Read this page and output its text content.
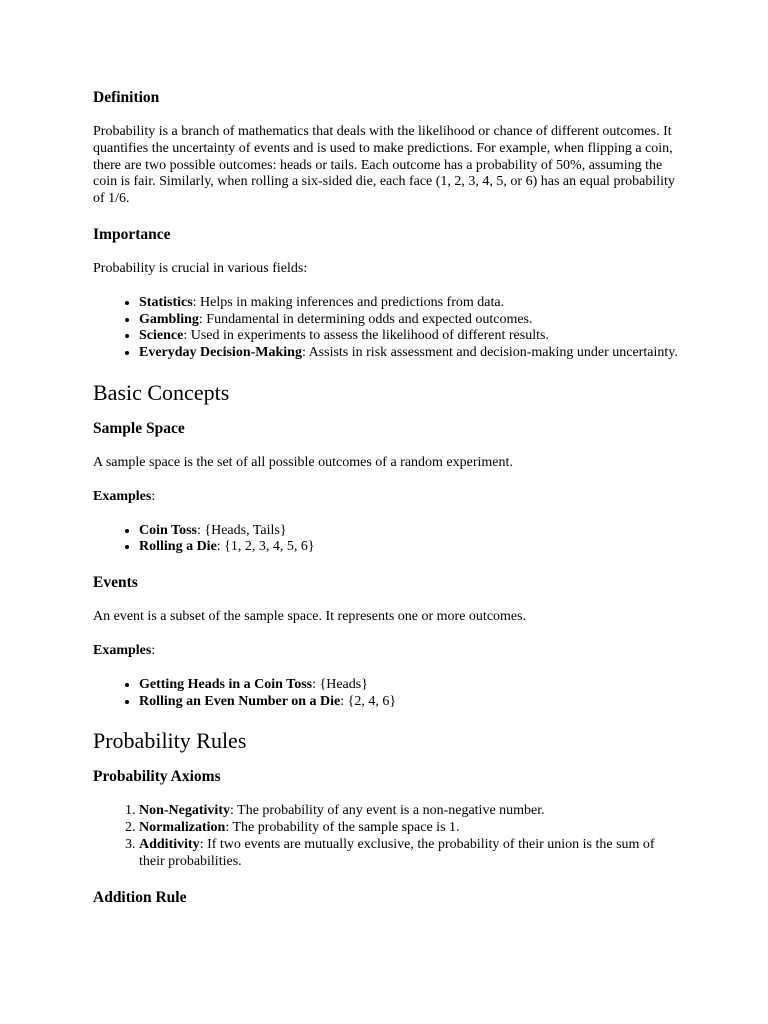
Definition

Probability is a branch of mathematics that deals with the likelihood or chance of different outcomes. It quantifies the uncertainty of events and is used to make predictions. For example, when flipping a coin, there are two possible outcomes: heads or tails. Each outcome has a probability of 50%, assuming the coin is fair. Similarly, when rolling a six-sided die, each face (1, 2, 3, 4, 5, or 6) has an equal probability of 1/6.

Importance

Probability is crucial in various fields:

• Statistics: Helps in making inferences and predictions from data.
• Gambling: Fundamental in determining odds and expected outcomes.
• Science: Used in experiments to assess the likelihood of different results.
• Everyday Decision-Making: Assists in risk assessment and decision-making under uncertainty.
Basic Concepts
Sample Space

A sample space is the set of all possible outcomes of a random experiment.

Examples:

• Coin Toss: {Heads, Tails}
• Rolling a Die: {1, 2, 3, 4, 5, 6}
Events

An event is a subset of the sample space. It represents one or more outcomes.

Examples:

• Getting Heads in a Coin Toss: {Heads}
• Rolling an Even Number on a Die: {2, 4, 6}
Probability Rules
Probability Axioms
1. Non-Negativity: The probability of any event is a non-negative number.
2. Normalization: The probability of the sample space is 1.
3. Additivity: If two events are mutually exclusive, the probability of their union is the sum of their probabilities.
Addition Rule
